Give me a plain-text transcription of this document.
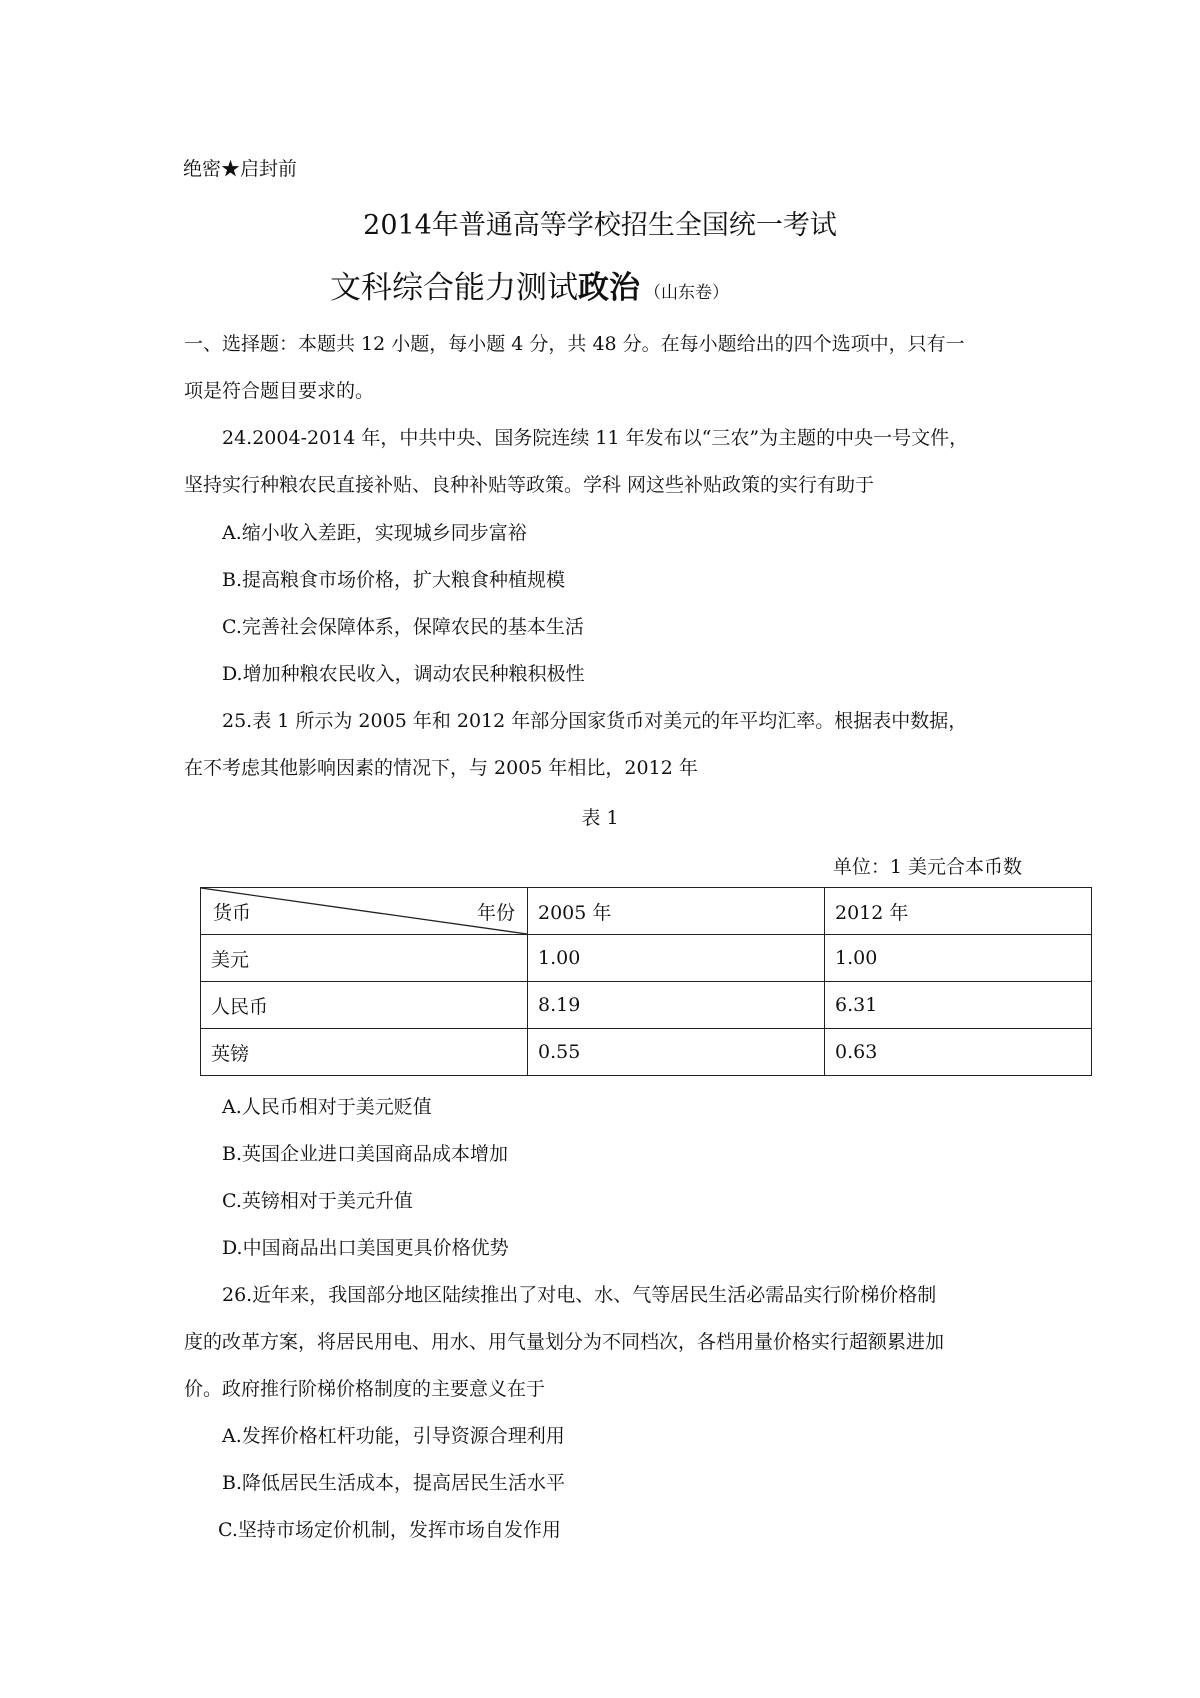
绝密★启封前
2014年普通高等学校招生全国统一考试
文科综合能力测试政治 （山东卷）
一、选择题：本题共 12 小题，每小题 4 分，共 48 分。在每小题给出的四个选项中，只有一
项是符合题目要求的。
24.2004-2014 年，中共中央、国务院连续 11 年发布以“三农”为主题的中央一号文件，
坚持实行种粮农民直接补贴、良种补贴等政策。学科 网这些补贴政策的实行有助于
A.缩小收入差距，实现城乡同步富裕
B.提高粮食市场价格，扩大粮食种植规模
C.完善社会保障体系，保障农民的基本生活
D.增加种粮农民收入，调动农民种粮积极性
25.表 1 所示为 2005 年和 2012 年部分国家货币对美元的年平均汇率。根据表中数据，
在不考虑其他影响因素的情况下，与 2005 年相比，2012 年
表 1
单位：1 美元合本币数
货币 年份	2005 年	2012 年
美元	1.00	1.00
人民币	8.19	6.31
英镑	0.55	0.63
A.人民币相对于美元贬值
B.英国企业进口美国商品成本增加
C.英镑相对于美元升值
D.中国商品出口美国更具价格优势
26.近年来，我国部分地区陆续推出了对电、水、气等居民生活必需品实行阶梯价格制
度的改革方案，将居民用电、用水、用气量划分为不同档次，各档用量价格实行超额累进加
价。政府推行阶梯价格制度的主要意义在于
A.发挥价格杠杆功能，引导资源合理利用
B.降低居民生活成本，提高居民生活水平
C.坚持市场定价机制，发挥市场自发作用
